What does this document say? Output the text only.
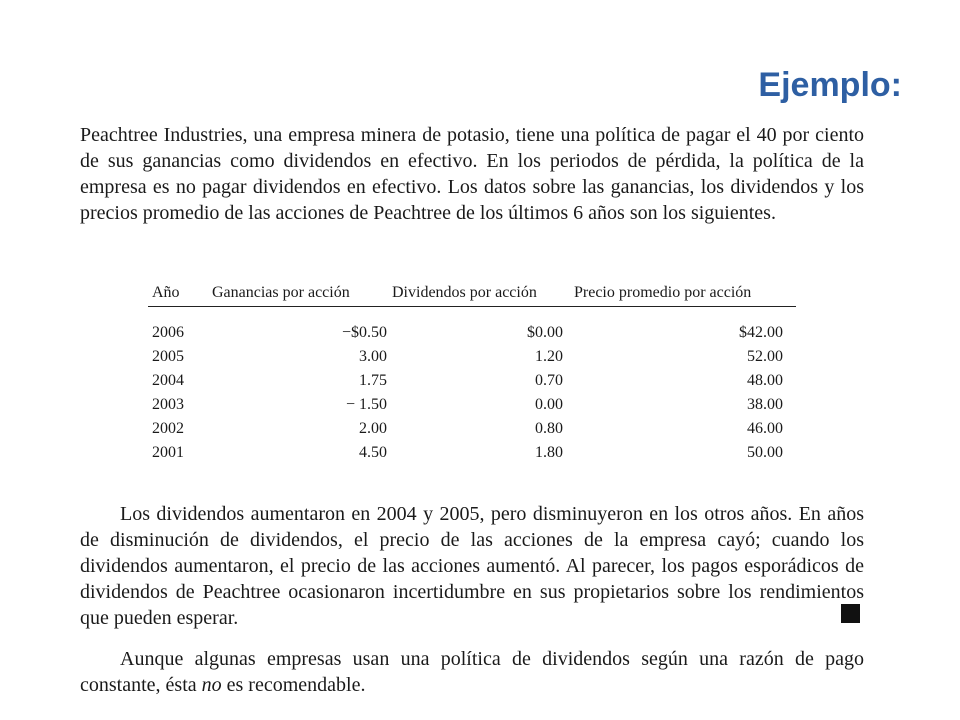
Ejemplo:

Peachtree Industries, una empresa minera de potasio, tiene una política de pagar el 40 por ciento de sus ganancias como dividendos en efectivo. En los periodos de pérdida, la política de la empresa es no pagar dividendos en efectivo. Los datos sobre las ganancias, los dividendos y los precios promedio de las acciones de Peachtree de los últimos 6 años son los siguientes.

Año	Ganancias por acción	Dividendos por acción	Precio promedio por acción
2006	−$0.50	$0.00	$42.00
2005	3.00	1.20	52.00
2004	1.75	0.70	48.00
2003	− 1.50	0.00	38.00
2002	2.00	0.80	46.00
2001	4.50	1.80	50.00

Los dividendos aumentaron en 2004 y 2005, pero disminuyeron en los otros años. En años de disminución de dividendos, el precio de las acciones de la empresa cayó; cuando los dividendos aumentaron, el precio de las acciones aumentó. Al parecer, los pagos esporádicos de dividendos de Peachtree ocasionaron incertidumbre en sus propietarios sobre los rendimientos que pueden esperar.

Aunque algunas empresas usan una política de dividendos según una razón de pago constante, ésta no es recomendable.
